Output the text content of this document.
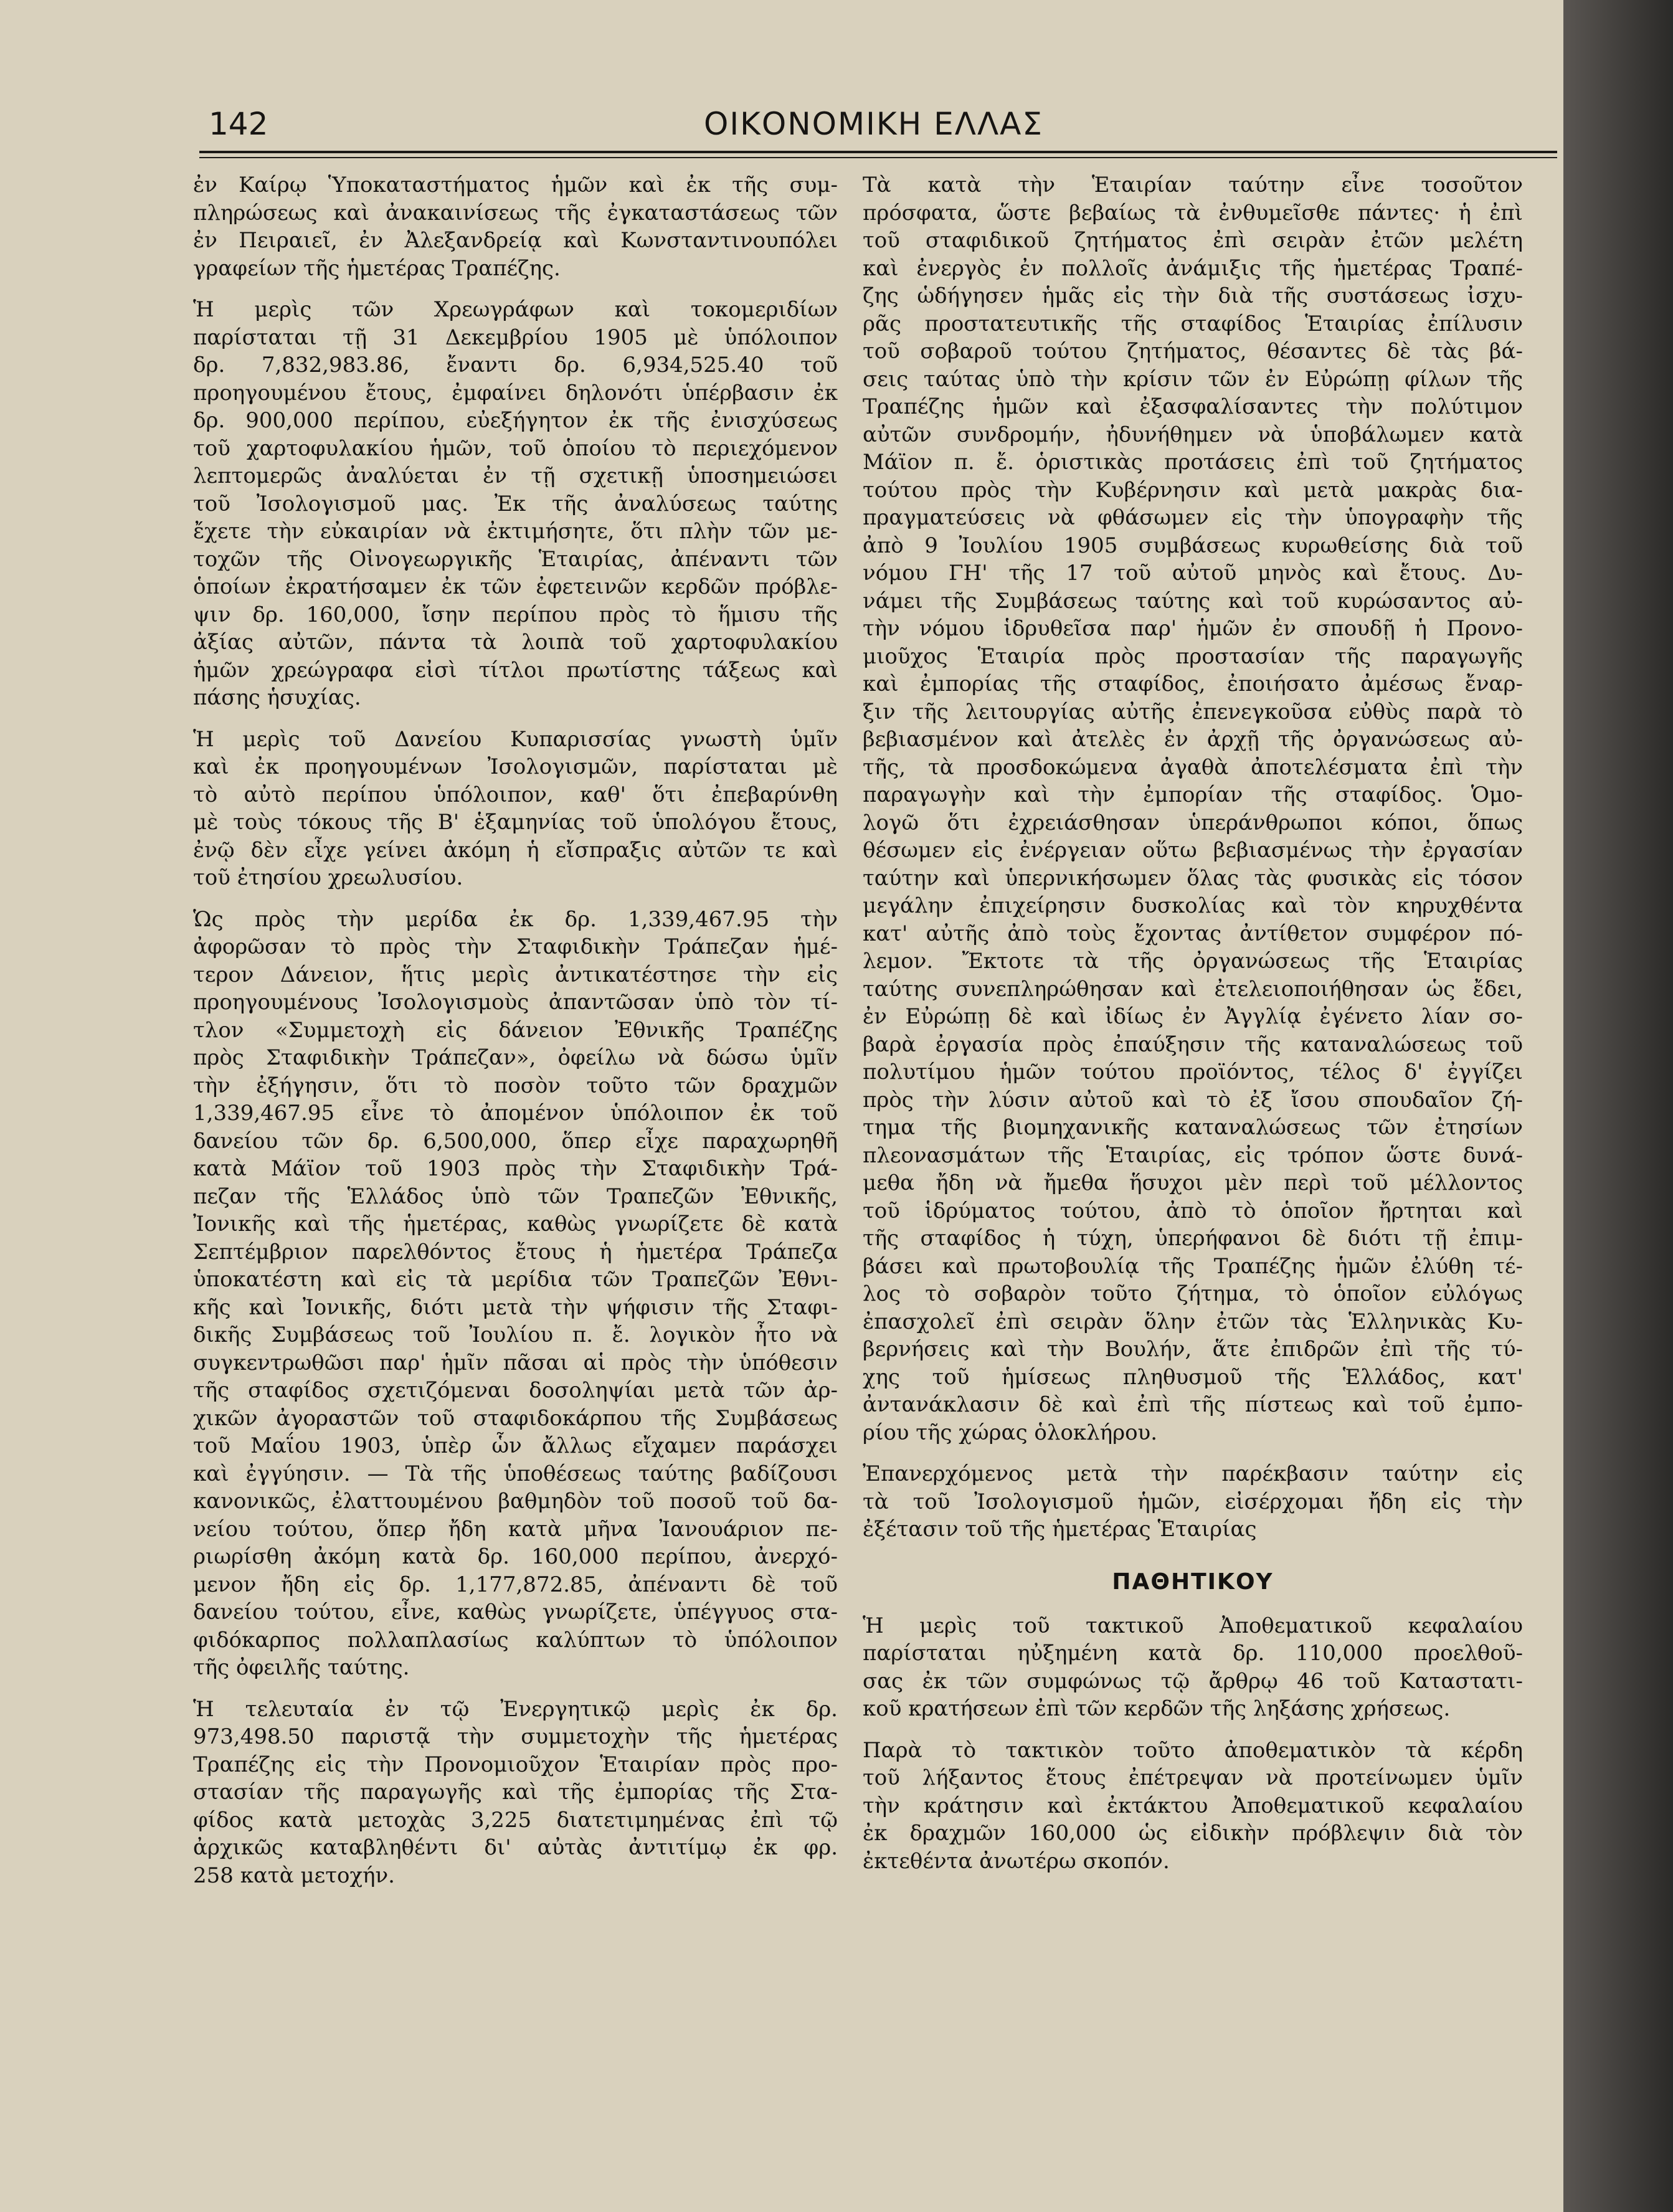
142	ΟΙΚΟΝΟΜΙΚΗ ΕΛΛΑΣ
ἐν Καίρῳ Ὑποκαταστήματος ἡμῶν καὶ ἐκ τῆς συμ-
πληρώσεως καὶ ἀνακαινίσεως τῆς ἐγκαταστάσεως τῶν
ἐν Πειραιεῖ, ἐν Ἀλεξανδρείᾳ καὶ Κωνσταντινουπόλει
γραφείων τῆς ἡμετέρας Τραπέζης.
Ἡ μερὶς τῶν Χρεωγράφων καὶ τοκομεριδίων
παρίσταται τῇ 31 Δεκεμβρίου 1905 μὲ ὑπόλοιπον
δρ. 7,832,983.86, ἔναντι δρ. 6,934,525.40 τοῦ
προηγουμένου ἔτους, ἐμφαίνει δηλονότι ὑπέρβασιν ἐκ
δρ. 900,000 περίπου, εὐεξήγητον ἐκ τῆς ἐνισχύσεως
τοῦ χαρτοφυλακίου ἡμῶν, τοῦ ὁποίου τὸ περιεχόμενον
λεπτομερῶς ἀναλύεται ἐν τῇ σχετικῇ ὑποσημειώσει
τοῦ Ἰσολογισμοῦ μας. Ἐκ τῆς ἀναλύσεως ταύτης
ἔχετε τὴν εὐκαιρίαν νὰ ἐκτιμήσητε, ὅτι πλὴν τῶν με-
τοχῶν τῆς Οἰνογεωργικῆς Ἑταιρίας, ἀπέναντι τῶν
ὁποίων ἐκρατήσαμεν ἐκ τῶν ἐφετεινῶν κερδῶν πρόβλε-
ψιν δρ. 160,000, ἴσην περίπου πρὸς τὸ ἥμισυ τῆς
ἀξίας αὐτῶν, πάντα τὰ λοιπὰ τοῦ χαρτοφυλακίου
ἡμῶν χρεώγραφα εἰσὶ τίτλοι πρωτίστης τάξεως καὶ
πάσης ἡσυχίας.
Ἡ μερὶς τοῦ Δανείου Κυπαρισσίας γνωστὴ ὑμῖν
καὶ ἐκ προηγουμένων Ἰσολογισμῶν, παρίσταται μὲ
τὸ αὐτὸ περίπου ὑπόλοιπον, καθ' ὅτι ἐπεβαρύνθη
μὲ τοὺς τόκους τῆς Β' ἑξαμηνίας τοῦ ὑπολόγου ἔτους,
ἐνῷ δὲν εἶχε γείνει ἀκόμη ἡ εἴσπραξις αὐτῶν τε καὶ
τοῦ ἐτησίου χρεωλυσίου.
Ὡς πρὸς τὴν μερίδα ἐκ δρ. 1,339,467.95 τὴν
ἀφορῶσαν τὸ πρὸς τὴν Σταφιδικὴν Τράπεζαν ἡμέ-
τερον Δάνειον, ἥτις μερὶς ἀντικατέστησε τὴν εἰς
προηγουμένους Ἰσολογισμοὺς ἀπαντῶσαν ὑπὸ τὸν τί-
τλον «Συμμετοχὴ εἰς δάνειον Ἐθνικῆς Τραπέζης
πρὸς Σταφιδικὴν Τράπεζαν», ὀφείλω νὰ δώσω ὑμῖν
τὴν ἐξήγησιν, ὅτι τὸ ποσὸν τοῦτο τῶν δραχμῶν
1,339,467.95 εἶνε τὸ ἀπομένον ὑπόλοιπον ἐκ τοῦ
δανείου τῶν δρ. 6,500,000, ὅπερ εἶχε παραχωρηθῆ
κατὰ Μάϊον τοῦ 1903 πρὸς τὴν Σταφιδικὴν Τρά-
πεζαν τῆς Ἑλλάδος ὑπὸ τῶν Τραπεζῶν Ἐθνικῆς,
Ἰονικῆς καὶ τῆς ἡμετέρας, καθὼς γνωρίζετε δὲ κατὰ
Σεπτέμβριον παρελθόντος ἔτους ἡ ἡμετέρα Τράπεζα
ὑποκατέστη καὶ εἰς τὰ μερίδια τῶν Τραπεζῶν Ἐθνι-
κῆς καὶ Ἰονικῆς, διότι μετὰ τὴν ψήφισιν τῆς Σταφι-
δικῆς Συμβάσεως τοῦ Ἰουλίου π. ἔ. λογικὸν ἦτο νὰ
συγκεντρωθῶσι παρ' ἡμῖν πᾶσαι αἱ πρὸς τὴν ὑπόθεσιν
τῆς σταφίδος σχετιζόμεναι δοσοληψίαι μετὰ τῶν ἀρ-
χικῶν ἀγοραστῶν τοῦ σταφιδοκάρπου τῆς Συμβάσεως
τοῦ Μαΐου 1903, ὑπὲρ ὧν ἄλλως εἴχαμεν παράσχει
καὶ ἐγγύησιν. — Τὰ τῆς ὑποθέσεως ταύτης βαδίζουσι
κανονικῶς, ἐλαττουμένου βαθμηδὸν τοῦ ποσοῦ τοῦ δα-
νείου τούτου, ὅπερ ἤδη κατὰ μῆνα Ἰανουάριον πε-
ριωρίσθη ἀκόμη κατὰ δρ. 160,000 περίπου, ἀνερχό-
μενον ἤδη εἰς δρ. 1,177,872.85, ἀπέναντι δὲ τοῦ
δανείου τούτου, εἶνε, καθὼς γνωρίζετε, ὑπέγγυος στα-
φιδόκαρπος πολλαπλασίως καλύπτων τὸ ὑπόλοιπον
τῆς ὀφειλῆς ταύτης.
Ἡ τελευταία ἐν τῷ Ἐνεργητικῷ μερὶς ἐκ δρ.
973,498.50 παριστᾷ τὴν συμμετοχὴν τῆς ἡμετέρας
Τραπέζης εἰς τὴν Προνομιοῦχον Ἑταιρίαν πρὸς προ-
στασίαν τῆς παραγωγῆς καὶ τῆς ἐμπορίας τῆς Στα-
φίδος κατὰ μετοχὰς 3,225 διατετιμημένας ἐπὶ τῷ
ἀρχικῶς καταβληθέντι δι' αὐτὰς ἀντιτίμῳ ἐκ φρ.
258 κατὰ μετοχήν.
Τὰ κατὰ τὴν Ἑταιρίαν ταύτην εἶνε τοσοῦτον
πρόσφατα, ὥστε βεβαίως τὰ ἐνθυμεῖσθε πάντες· ἡ ἐπὶ
τοῦ σταφιδικοῦ ζητήματος ἐπὶ σειρὰν ἐτῶν μελέτη
καὶ ἐνεργὸς ἐν πολλοῖς ἀνάμιξις τῆς ἡμετέρας Τραπέ-
ζης ὡδήγησεν ἡμᾶς εἰς τὴν διὰ τῆς συστάσεως ἰσχυ-
ρᾶς προστατευτικῆς τῆς σταφίδος Ἑταιρίας ἐπίλυσιν
τοῦ σοβαροῦ τούτου ζητήματος, θέσαντες δὲ τὰς βά-
σεις ταύτας ὑπὸ τὴν κρίσιν τῶν ἐν Εὐρώπῃ φίλων τῆς
Τραπέζης ἡμῶν καὶ ἐξασφαλίσαντες τὴν πολύτιμον
αὐτῶν συνδρομήν, ἠδυνήθημεν νὰ ὑποβάλωμεν κατὰ
Μάϊον π. ἔ. ὁριστικὰς προτάσεις ἐπὶ τοῦ ζητήματος
τούτου πρὸς τὴν Κυβέρνησιν καὶ μετὰ μακρὰς δια-
πραγματεύσεις νὰ φθάσωμεν εἰς τὴν ὑπογραφὴν τῆς
ἀπὸ 9 Ἰουλίου 1905 συμβάσεως κυρωθείσης διὰ τοῦ
νόμου ΓΗ' τῆς 17 τοῦ αὐτοῦ μηνὸς καὶ ἔτους. Δυ-
νάμει τῆς Συμβάσεως ταύτης καὶ τοῦ κυρώσαντος αὐ-
τὴν νόμου ἱδρυθεῖσα παρ' ἡμῶν ἐν σπουδῇ ἡ Προνο-
μιοῦχος Ἑταιρία πρὸς προστασίαν τῆς παραγωγῆς
καὶ ἐμπορίας τῆς σταφίδος, ἐποιήσατο ἀμέσως ἔναρ-
ξιν τῆς λειτουργίας αὐτῆς ἐπενεγκοῦσα εὐθὺς παρὰ τὸ
βεβιασμένον καὶ ἀτελὲς ἐν ἀρχῇ τῆς ὀργανώσεως αὐ-
τῆς, τὰ προσδοκώμενα ἀγαθὰ ἀποτελέσματα ἐπὶ τὴν
παραγωγὴν καὶ τὴν ἐμπορίαν τῆς σταφίδος. Ὁμο-
λογῶ ὅτι ἐχρειάσθησαν ὑπεράνθρωποι κόποι, ὅπως
θέσωμεν εἰς ἐνέργειαν οὕτω βεβιασμένως τὴν ἐργασίαν
ταύτην καὶ ὑπερνικήσωμεν ὅλας τὰς φυσικὰς εἰς τόσον
μεγάλην ἐπιχείρησιν δυσκολίας καὶ τὸν κηρυχθέντα
κατ' αὐτῆς ἀπὸ τοὺς ἔχοντας ἀντίθετον συμφέρον πό-
λεμον. Ἔκτοτε τὰ τῆς ὀργανώσεως τῆς Ἑταιρίας
ταύτης συνεπληρώθησαν καὶ ἐτελειοποιήθησαν ὡς ἔδει,
ἐν Εὐρώπῃ δὲ καὶ ἰδίως ἐν Ἀγγλίᾳ ἐγένετο λίαν σο-
βαρὰ ἐργασία πρὸς ἐπαύξησιν τῆς καταναλώσεως τοῦ
πολυτίμου ἡμῶν τούτου προϊόντος, τέλος δ' ἐγγίζει
πρὸς τὴν λύσιν αὐτοῦ καὶ τὸ ἐξ ἴσου σπουδαῖον ζή-
τημα τῆς βιομηχανικῆς καταναλώσεως τῶν ἐτησίων
πλεονασμάτων τῆς Ἑταιρίας, εἰς τρόπον ὥστε δυνά-
μεθα ἤδη νὰ ἤμεθα ἥσυχοι μὲν περὶ τοῦ μέλλοντος
τοῦ ἱδρύματος τούτου, ἀπὸ τὸ ὁποῖον ἤρτηται καὶ
τῆς σταφίδος ἡ τύχη, ὑπερήφανοι δὲ διότι τῇ ἐπιμ-
βάσει καὶ πρωτοβουλίᾳ τῆς Τραπέζης ἡμῶν ἐλύθη τέ-
λος τὸ σοβαρὸν τοῦτο ζήτημα, τὸ ὁποῖον εὐλόγως
ἐπασχολεῖ ἐπὶ σειρὰν ὅλην ἐτῶν τὰς Ἑλληνικὰς Κυ-
βερνήσεις καὶ τὴν Βουλήν, ἅτε ἐπιδρῶν ἐπὶ τῆς τύ-
χης τοῦ ἡμίσεως πληθυσμοῦ τῆς Ἑλλάδος, κατ'
ἀντανάκλασιν δὲ καὶ ἐπὶ τῆς πίστεως καὶ τοῦ ἐμπο-
ρίου τῆς χώρας ὁλοκλήρου.
Ἐπανερχόμενος μετὰ τὴν παρέκβασιν ταύτην εἰς
τὰ τοῦ Ἰσολογισμοῦ ἡμῶν, εἰσέρχομαι ἤδη εἰς τὴν
ἐξέτασιν τοῦ τῆς ἡμετέρας Ἑταιρίας
ΠΑΘΗΤΙΚΟΥ
Ἡ μερὶς τοῦ τακτικοῦ Ἀποθεματικοῦ κεφαλαίου
παρίσταται ηὐξημένη κατὰ δρ. 110,000 προελθοῦ-
σας ἐκ τῶν συμφώνως τῷ ἄρθρῳ 46 τοῦ Καταστατι-
κοῦ κρατήσεων ἐπὶ τῶν κερδῶν τῆς ληξάσης χρήσεως.
Παρὰ τὸ τακτικὸν τοῦτο ἀποθεματικὸν τὰ κέρδη
τοῦ λήξαντος ἔτους ἐπέτρεψαν νὰ προτείνωμεν ὑμῖν
τὴν κράτησιν καὶ ἐκτάκτου Ἀποθεματικοῦ κεφαλαίου
ἐκ δραχμῶν 160,000 ὡς εἰδικὴν πρόβλεψιν διὰ τὸν
ἐκτεθέντα ἀνωτέρω σκοπόν.
